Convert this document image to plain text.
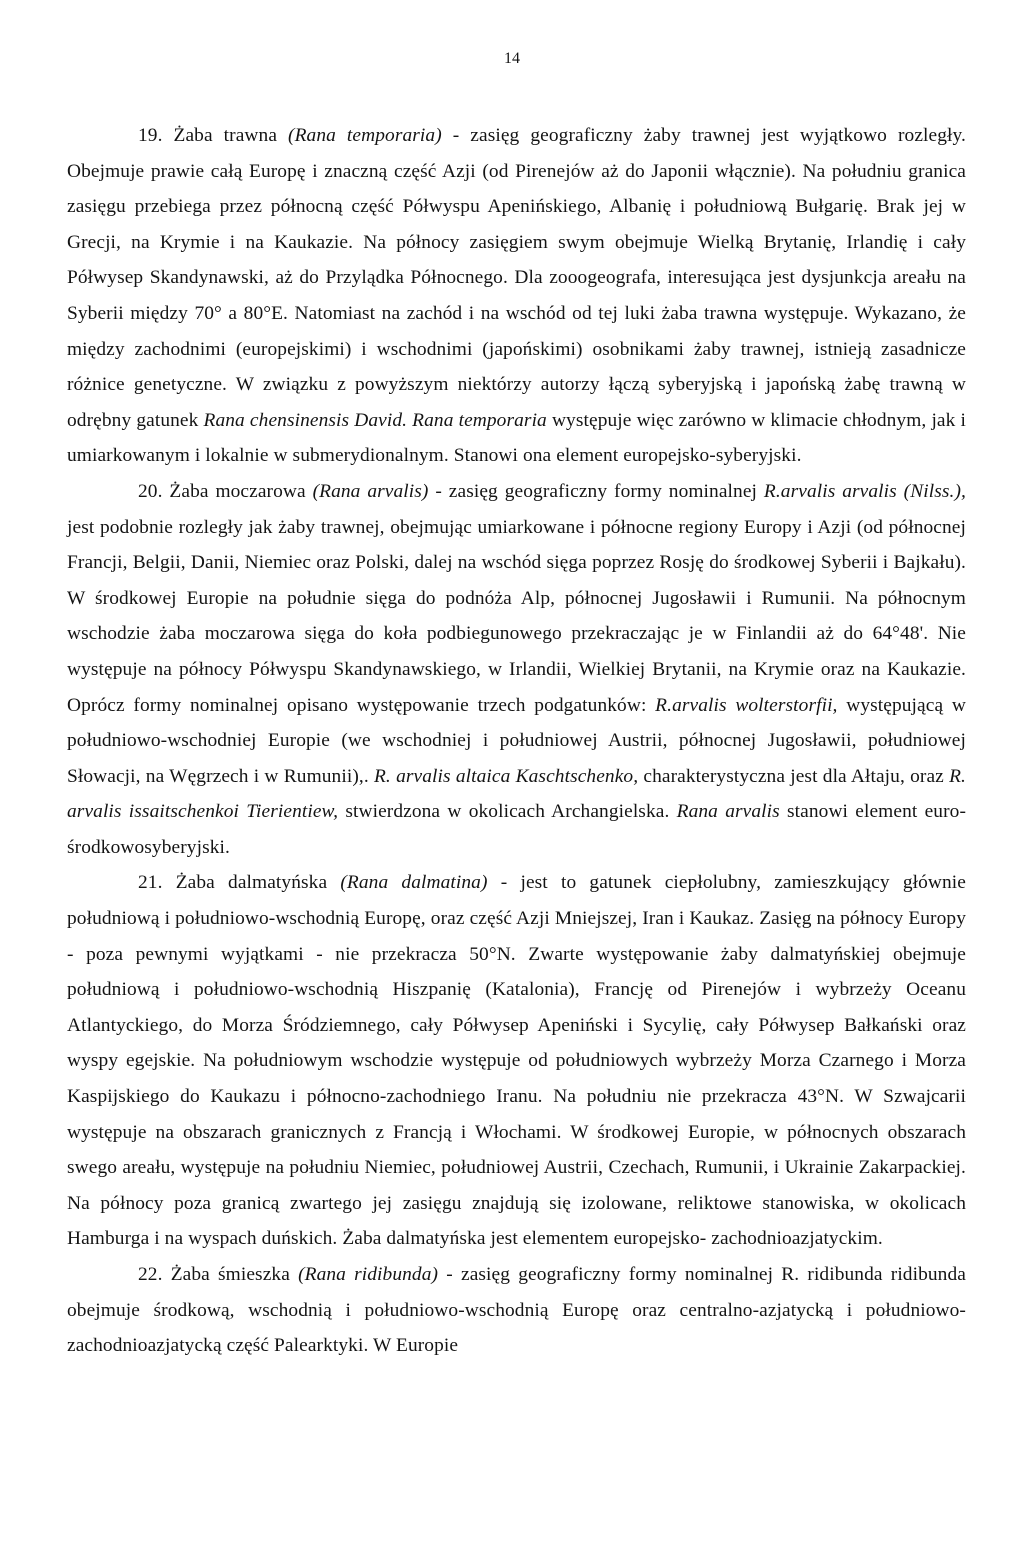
14

19. Żaba trawna (Rana temporaria) - zasięg geograficzny żaby trawnej jest wyjątkowo rozległy. Obejmuje prawie całą Europę i znaczną część Azji (od Pirenejów aż do Japonii włącznie). Na południu granica zasięgu przebiega przez północną część Półwyspu Apenińskiego, Albanię i południową Bułgarię. Brak jej w Grecji, na Krymie i na Kaukazie. Na północy zasięgiem swym obejmuje Wielką Brytanię, Irlandię i cały Półwysep Skandynawski, aż do Przylądka Północnego. Dla zooogeografa, interesująca jest dysjunkcja areału na Syberii między 70° a 80°E. Natomiast na zachód i na wschód od tej luki żaba trawna występuje. Wykazano, że między zachodnimi (europejskimi) i wschodnimi (japońskimi) osobnikami żaby trawnej, istnieją zasadnicze różnice genetyczne. W związku z powyższym niektórzy autorzy łączą syberyjską i japońską żabę trawną w odrębny gatunek Rana chensinensis David. Rana temporaria występuje więc zarówno w klimacie chłodnym, jak i umiarkowanym i lokalnie w submerydionalnym. Stanowi ona element europejsko-syberyjski.

20. Żaba moczarowa (Rana arvalis) - zasięg geograficzny formy nominalnej R.arvalis arvalis (Nilss.), jest podobnie rozległy jak żaby trawnej, obejmując umiarkowane i północne regiony Europy i Azji (od północnej Francji, Belgii, Danii, Niemiec oraz Polski, dalej na wschód sięga poprzez Rosję do środkowej Syberii i Bajkału). W środkowej Europie na południe sięga do podnóża Alp, północnej Jugosławii i Rumunii. Na północnym wschodzie żaba moczarowa sięga do koła podbiegunowego przekraczając je w Finlandii aż do 64°48'. Nie występuje na północy Półwyspu Skandynawskiego, w Irlandii, Wielkiej Brytanii, na Krymie oraz na Kaukazie. Oprócz formy nominalnej opisano występowanie trzech podgatunków: R.arvalis wolterstorfii, występującą w południowo-wschodniej Europie (we wschodniej i południowej Austrii, północnej Jugosławii, południowej Słowacji, na Węgrzech i w Rumunii),. R. arvalis altaica Kaschtschenko, charakterystyczna jest dla Ałtaju, oraz R. arvalis issaitschenkoi Tierientiew, stwierdzona w okolicach Archangielska. Rana arvalis stanowi element euro-środkowosyberyjski.

21. Żaba dalmatyńska (Rana dalmatina) - jest to gatunek ciepłolubny, zamieszkujący głównie południową i południowo-wschodnią Europę, oraz część Azji Mniejszej, Iran i Kaukaz. Zasięg na północy Europy - poza pewnymi wyjątkami - nie przekracza 50°N. Zwarte występowanie żaby dalmatyńskiej obejmuje południową i południowo-wschodnią Hiszpanię (Katalonia), Francję od Pirenejów i wybrzeży Oceanu Atlantyckiego, do Morza Śródziemnego, cały Półwysep Apeniński i Sycylię, cały Półwysep Bałkański oraz wyspy egejskie. Na południowym wschodzie występuje od południowych wybrzeży Morza Czarnego i Morza Kaspijskiego do Kaukazu i północno-zachodniego Iranu. Na południu nie przekracza 43°N. W Szwajcarii występuje na obszarach granicznych z Francją i Włochami. W środkowej Europie, w północnych obszarach swego areału, występuje na południu Niemiec, południowej Austrii, Czechach, Rumunii, i Ukrainie Zakarpackiej. Na północy poza granicą zwartego jej zasięgu znajdują się izolowane, reliktowe stanowiska, w okolicach Hamburga i na wyspach duńskich. Żaba dalmatyńska jest elementem europejsko- zachodnioazjatyckim.

22. Żaba śmieszka (Rana ridibunda) - zasięg geograficzny formy nominalnej R. ridibunda ridibunda obejmuje środkową, wschodnią i południowo-wschodnią Europę oraz centralno-azjatycką i południowo- zachodnioazjatycką część Palearktyki. W Europie
